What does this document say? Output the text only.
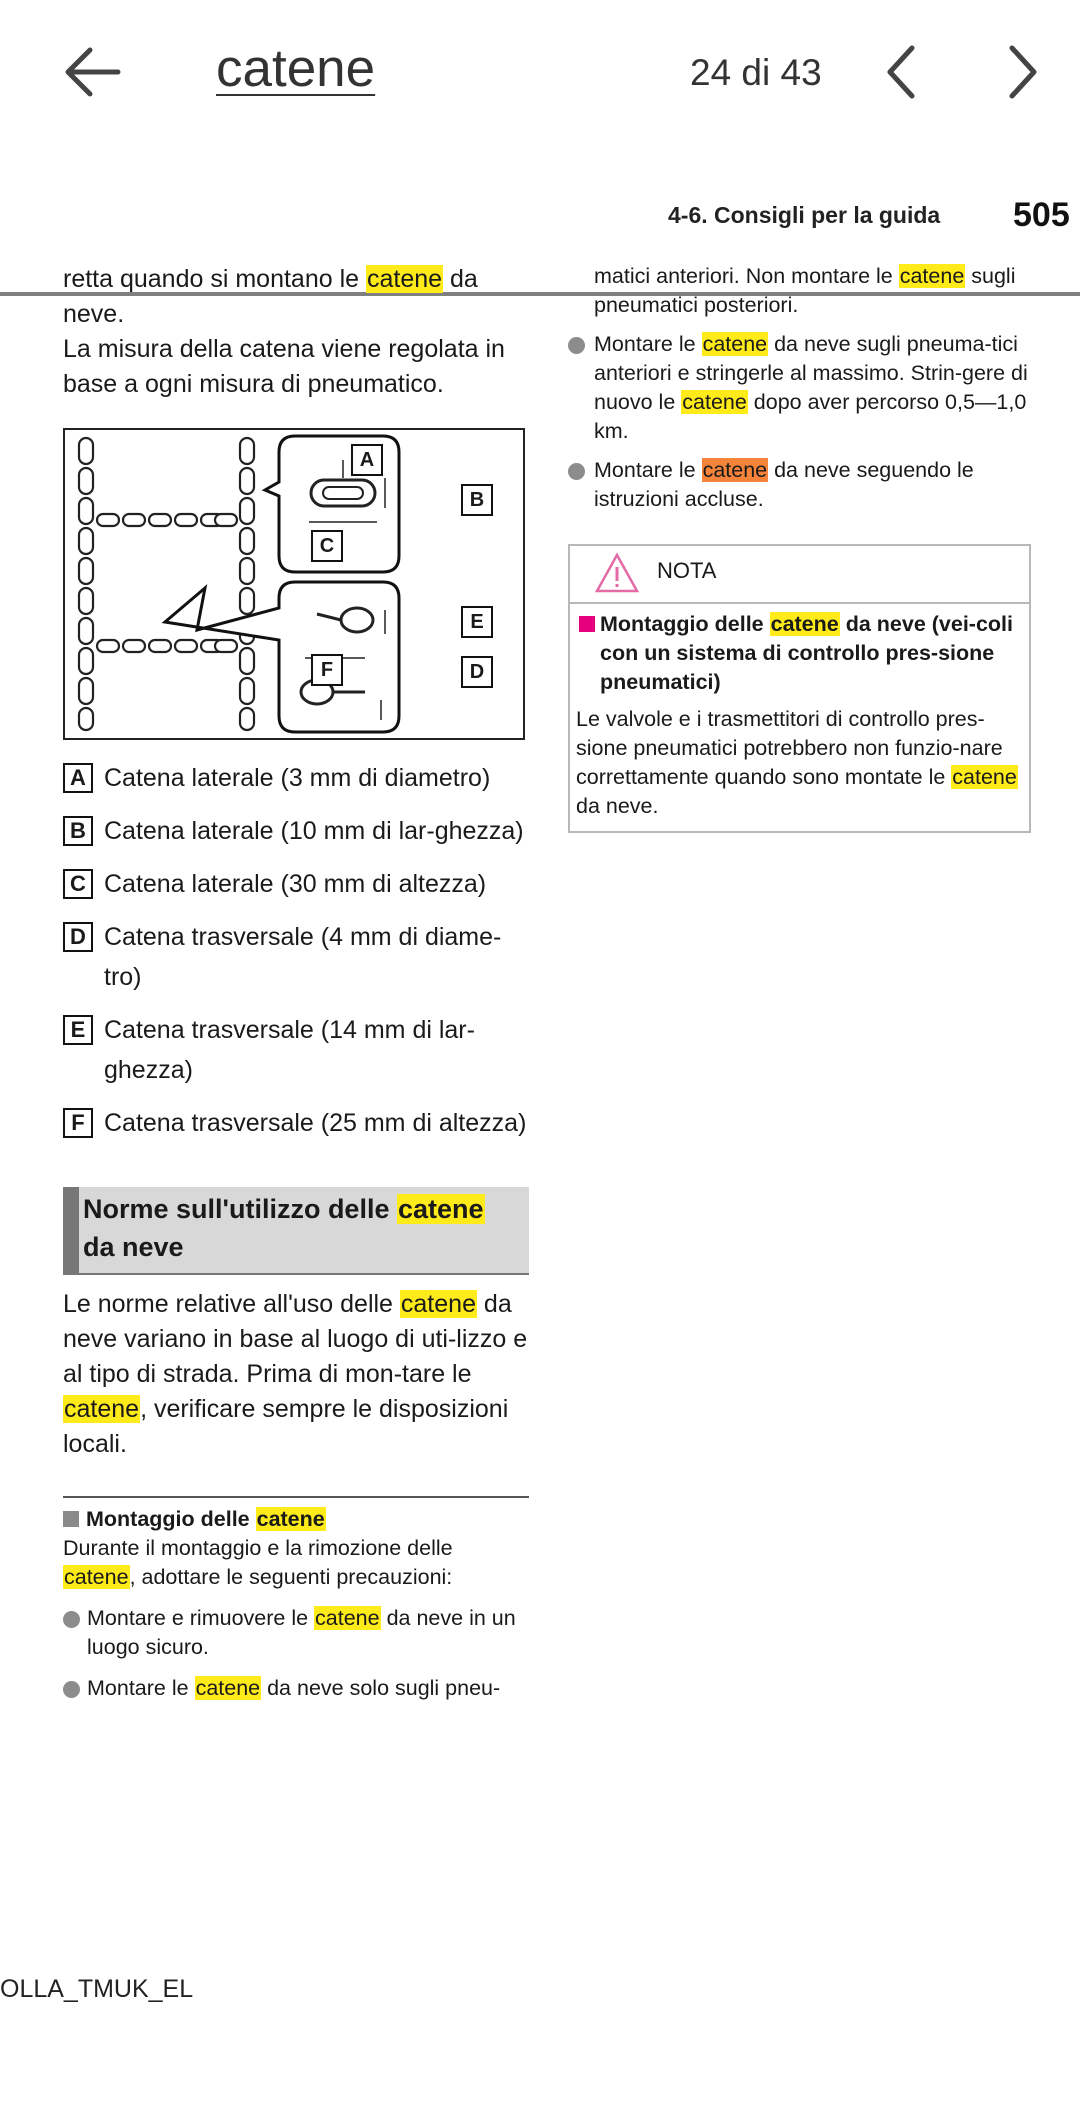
catene	24 di 43
4-6. Consigli per la guida 505

retta quando si montano le catene da neve.

La misura della catena viene regolata in base a ogni misura di pneumatico.

A
B
C
D
E
F
A Catena laterale (3 mm di diametro)
B Catena laterale (10 mm di lar-ghezza)
C Catena laterale (30 mm di altezza)
D Catena trasversale (4 mm di diame-tro)
E Catena trasversale (14 mm di lar-ghezza)
F Catena trasversale (25 mm di altezza)
Norme sull'utilizzo delle catene da neve

Le norme relative all'uso delle catene da neve variano in base al luogo di uti-lizzo e al tipo di strada. Prima di mon-tare le catene, verificare sempre le disposizioni locali.

Montaggio delle catene

Durante il montaggio e la rimozione delle catene, adottare le seguenti precauzioni:

Montare e rimuovere le catene da neve in un luogo sicuro.
Montare le catene da neve solo sugli pneu-

matici anteriori. Non montare le catene sugli pneumatici posteriori.

Montare le catene da neve sugli pneuma-tici anteriori e stringerle al massimo. Strin-gere di nuovo le catene dopo aver percorso 0,5—1,0 km.
Montare le catene da neve seguendo le istruzioni accluse.
NOTA
Montaggio delle catene da neve (vei-coli con un sistema di controllo pres-sione pneumatici)

Le valvole e i trasmettitori di controllo pres-sione pneumatici potrebbero non funzio-nare correttamente quando sono montate le catene da neve.

OLLA_TMUK_EL
